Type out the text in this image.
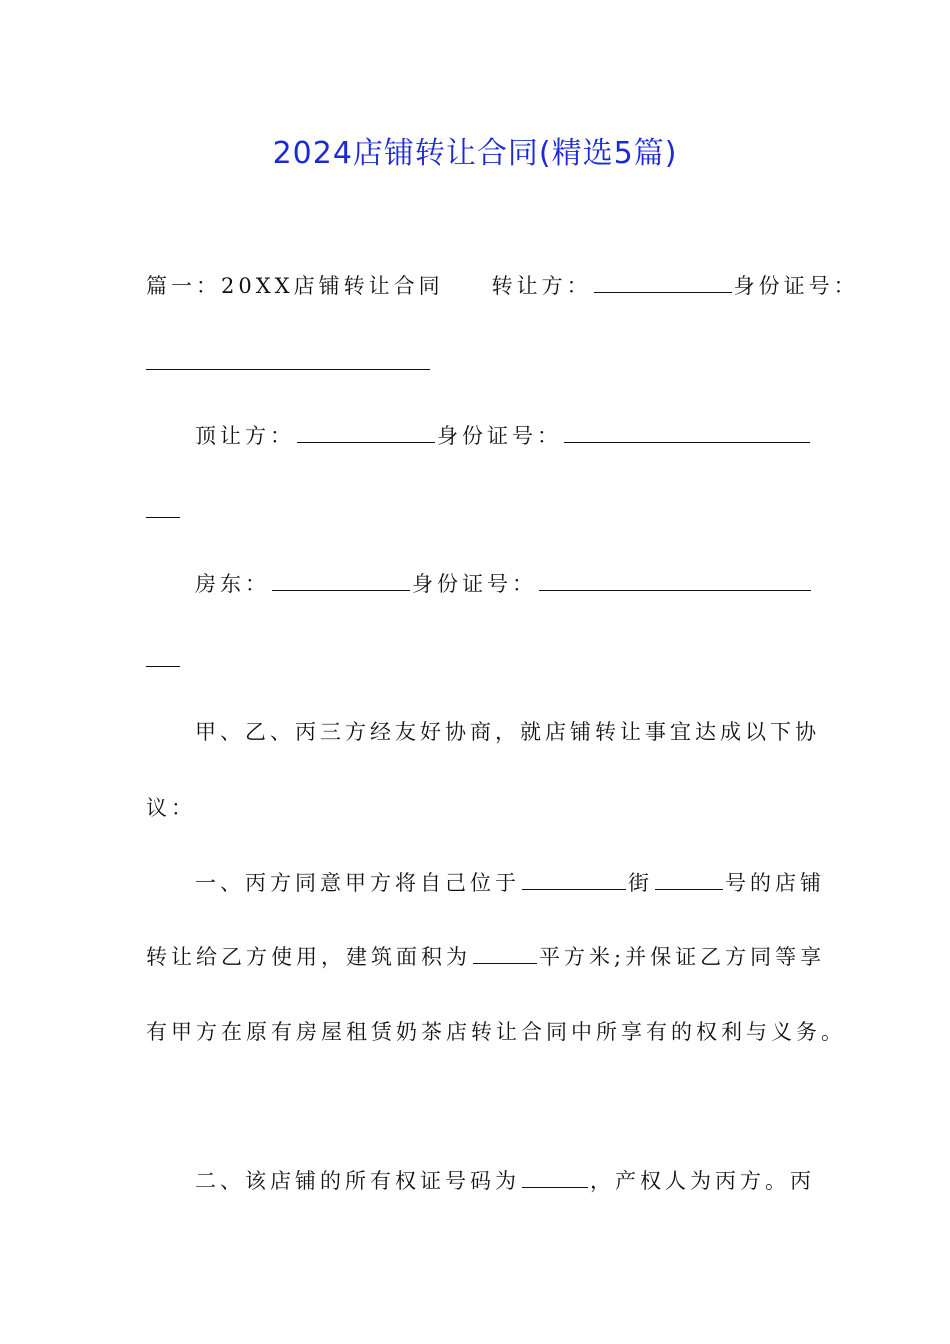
2024店铺转让合同(精选5篇)
篇一：20XX店铺转让合同 转让方：	身份证号：
顶让方：	身份证号：
房东：	身份证号：
甲、乙、丙三方经友好协商，就店铺转让事宜达成以下协
议：
一、丙方同意甲方将自己位于	街	号的店铺
转让给乙方使用，建筑面积为	平方米;并保证乙方同等享
有甲方在原有房屋租赁奶茶店转让合同中所享有的权利与义务。
二、该店铺的所有权证号码为	，产权人为丙方。丙
